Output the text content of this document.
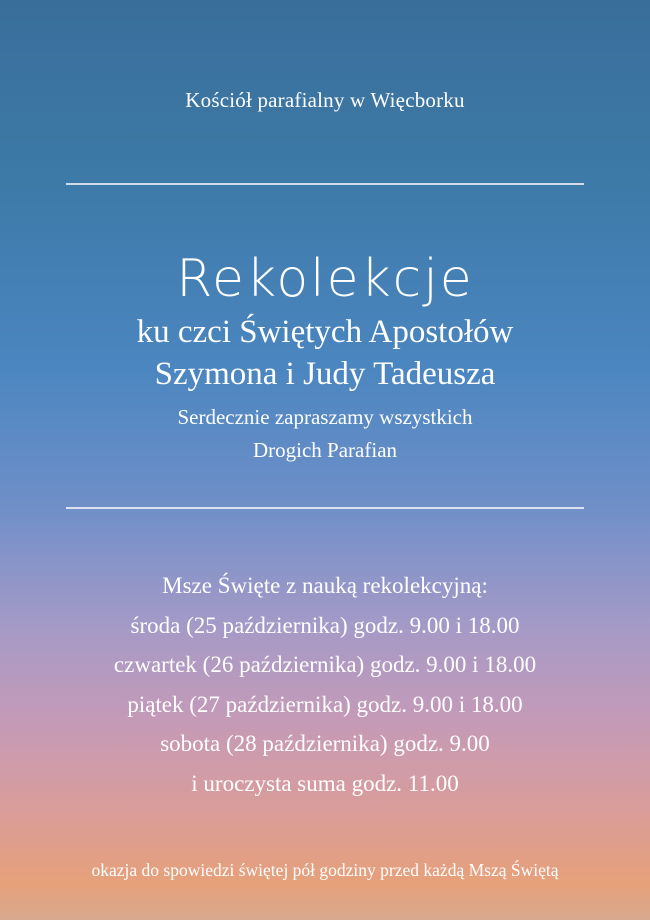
Kościół parafialny w Więcborku
Rekolekcje
ku czci Świętych Apostołów
Szymona i Judy Tadeusza
Serdecznie zapraszamy wszystkich
Drogich Parafian
Msze Święte z nauką rekolekcyjną:
środa (25 października) godz. 9.00 i 18.00
czwartek (26 października) godz. 9.00 i 18.00
piątek (27 października) godz. 9.00 i 18.00
sobota (28 października) godz. 9.00
i uroczysta suma godz. 11.00
okazja do spowiedzi świętej pół godziny przed każdą Mszą Świętą
